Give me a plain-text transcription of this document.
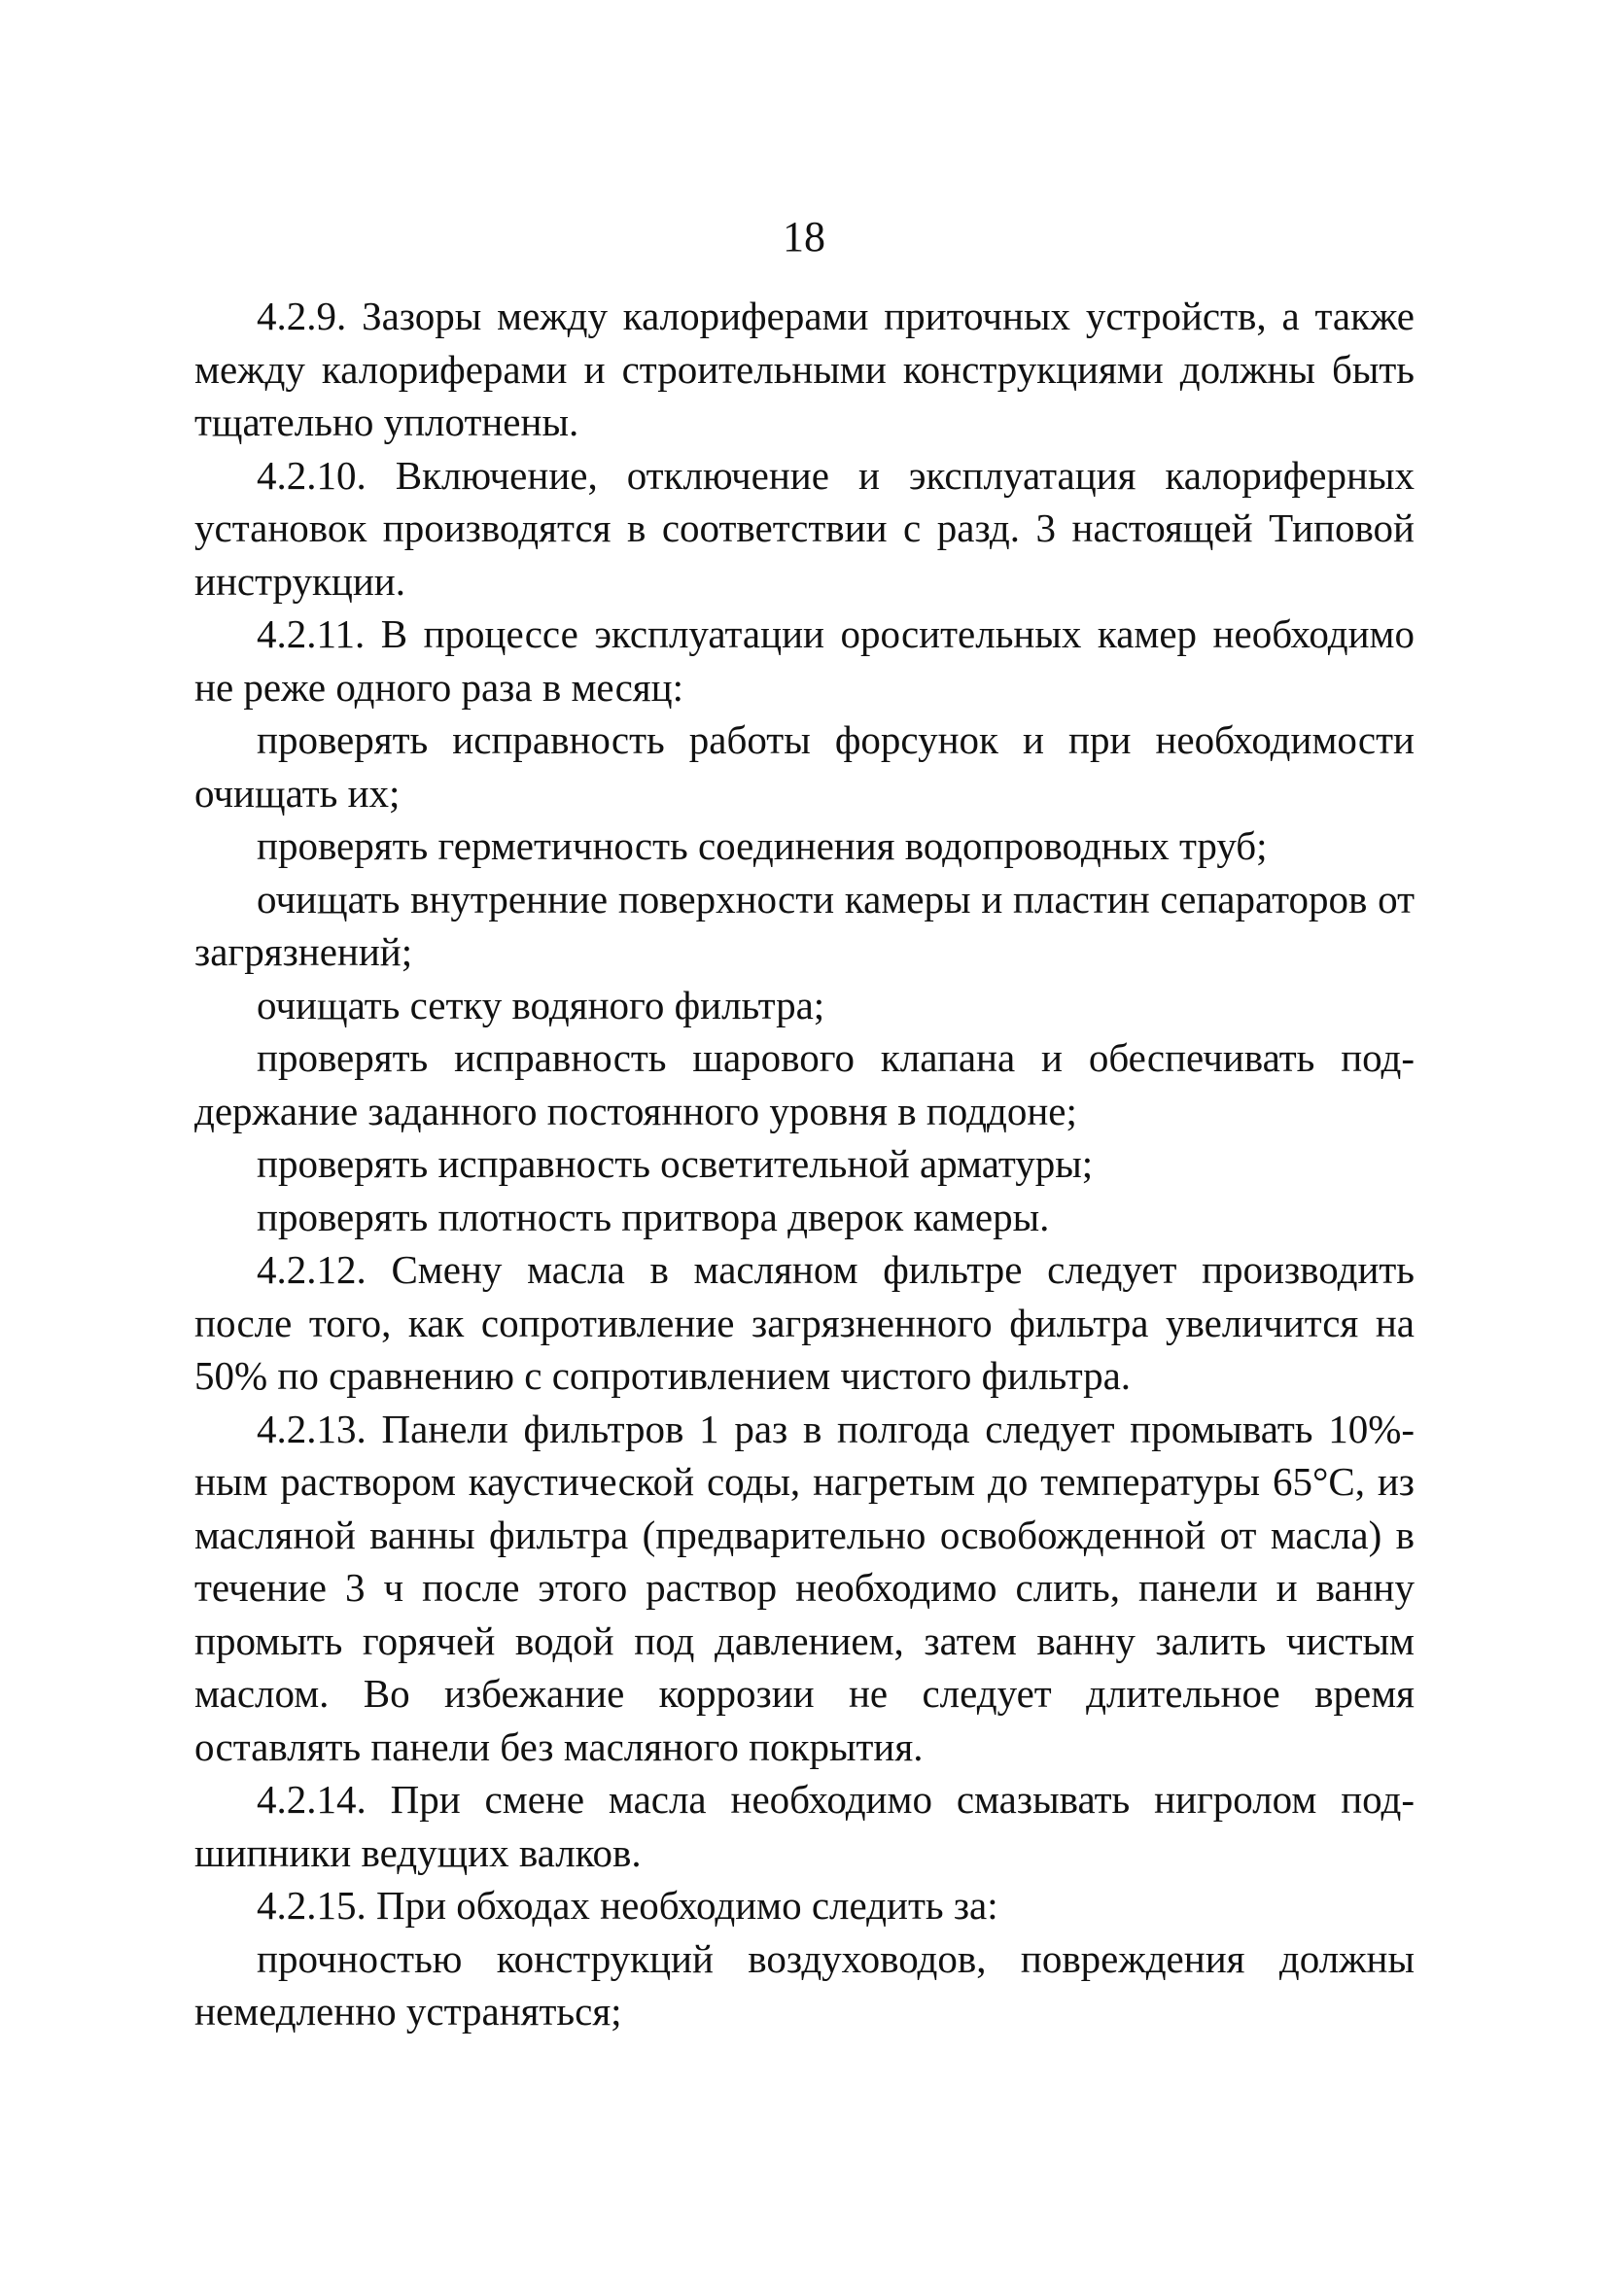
18

4.2.9. Зазоры между калориферами приточных устройств, а также между калориферами и строительными конструкциями должны быть тщательно уплотнены.

4.2.10. Включение, отключение и эксплуатация калориферных установок производятся в соответствии с разд. 3 настоящей Типовой инструкции.

4.2.11. В процессе эксплуатации оросительных камер необходимо не реже одного раза в месяц:

проверять исправность работы форсунок и при необходимости очищать их;

проверять герметичность соединения водопроводных труб;

очищать внутренние поверхности камеры и пластин сепараторов от загрязнений;

очищать сетку водяного фильтра;

проверять исправность шарового клапана и обеспечивать поддержание заданного постоянного уровня в поддоне;

проверять исправность осветительной арматуры;

проверять плотность притвора дверок камеры.

4.2.12. Смену масла в масляном фильтре следует производить после того, как сопротивление загрязненного фильтра увеличится на 50% по сравнению с сопротивлением чистого фильтра.

4.2.13. Панели фильтров 1 раз в полгода следует промывать 10%-ным раствором каустической соды, нагретым до температуры 65°С, из масляной ванны фильтра (предварительно освобожденной от масла) в течение 3 ч после этого раствор необходимо слить, панели и ванну промыть горячей водой под давлением, затем ванну залить чистым маслом. Во избежание коррозии не следует длительное время оставлять панели без масляного покрытия.

4.2.14. При смене масла необходимо смазывать нигролом подшипники ведущих валков.

4.2.15. При обходах необходимо следить за:

прочностью конструкций воздуховодов, повреждения должны немедленно устраняться;
